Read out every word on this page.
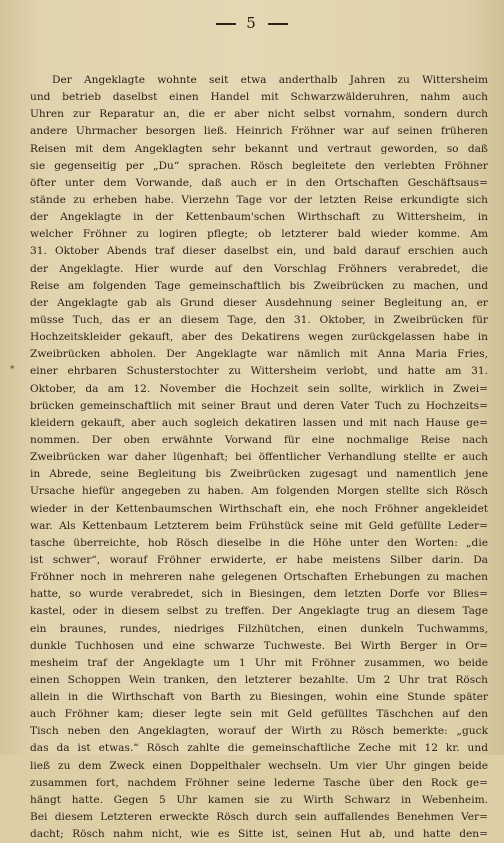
5
*
Der Angeklagte wohnte seit etwa anderthalb Jahren zu Wittersheim
und betrieb daselbst einen Handel mit Schwarzwälderuhren, nahm auch
Uhren zur Reparatur an, die er aber nicht selbst vornahm, sondern durch
andere Uhrmacher besorgen ließ. Heinrich Fröhner war auf seinen früheren
Reisen mit dem Angeklagten sehr bekannt und vertraut geworden, so daß
sie gegenseitig per „Du“ sprachen. Rösch begleitete den verlebten Fröhner
öfter unter dem Vorwande, daß auch er in den Ortschaften Geschäftsaus=
stände zu erheben habe. Vierzehn Tage vor der letzten Reise erkundigte sich
der Angeklagte in der Kettenbaum'schen Wirthschaft zu Wittersheim, in
welcher Fröhner zu logiren pflegte; ob letzterer bald wieder komme. Am
31. Oktober Abends traf dieser daselbst ein, und bald darauf erschien auch
der Angeklagte. Hier wurde auf den Vorschlag Fröhners verabredet, die
Reise am folgenden Tage gemeinschaftlich bis Zweibrücken zu machen, und
der Angeklagte gab als Grund dieser Ausdehnung seiner Begleitung an, er
müsse Tuch, das er an diesem Tage, den 31. Oktober, in Zweibrücken für
Hochzeitskleider gekauft, aber des Dekatirens wegen zurückgelassen habe in
Zweibrücken abholen. Der Angeklagte war nämlich mit Anna Maria Fries,
einer ehrbaren Schusterstochter zu Wittersheim verlobt, und hatte am 31.
Oktober, da am 12. November die Hochzeit sein sollte, wirklich in Zwei=
brücken gemeinschaftlich mit seiner Braut und deren Vater Tuch zu Hochzeits=
kleidern gekauft, aber auch sogleich dekatiren lassen und mit nach Hause ge=
nommen. Der oben erwähnte Vorwand für eine nochmalige Reise nach
Zweibrücken war daher lügenhaft; bei öffentlicher Verhandlung stellte er auch
in Abrede, seine Begleitung bis Zweibrücken zugesagt und namentlich jene
Ursache hiefür angegeben zu haben. Am folgenden Morgen stellte sich Rösch
wieder in der Kettenbaumschen Wirthschaft ein, ehe noch Fröhner angekleidet
war. Als Kettenbaum Letzterem beim Frühstück seine mit Geld gefüllte Leder=
tasche überreichte, hob Rösch dieselbe in die Höhe unter den Worten: „die
ist schwer“, worauf Fröhner erwiderte, er habe meistens Silber darin. Da
Fröhner noch in mehreren nahe gelegenen Ortschaften Erhebungen zu machen
hatte, so wurde verabredet, sich in Biesingen, dem letzten Dorfe vor Blies=
kastel, oder in diesem selbst zu treffen. Der Angeklagte trug an diesem Tage
ein braunes, rundes, niedriges Filzhütchen, einen dunkeln Tuchwamms,
dunkle Tuchhosen und eine schwarze Tuchweste. Bei Wirth Berger in Or=
mesheim traf der Angeklagte um 1 Uhr mit Fröhner zusammen, wo beide
einen Schoppen Wein tranken, den letzterer bezahlte. Um 2 Uhr trat Rösch
allein in die Wirthschaft von Barth zu Biesingen, wohin eine Stunde später
auch Fröhner kam; dieser legte sein mit Geld gefülltes Täschchen auf den
Tisch neben den Angeklagten, worauf der Wirth zu Rösch bemerkte: „guck
das da ist etwas.“ Rösch zahlte die gemeinschaftliche Zeche mit 12 kr. und
ließ zu dem Zweck einen Doppelthaler wechseln. Um vier Uhr gingen beide
zusammen fort, nachdem Fröhner seine lederne Tasche über den Rock ge=
hängt hatte. Gegen 5 Uhr kamen sie zu Wirth Schwarz in Webenheim.
Bei diesem Letzteren erweckte Rösch durch sein auffallendes Benehmen Ver=
dacht; Rösch nahm nicht, wie es Sitte ist, seinen Hut ab, und hatte den=
